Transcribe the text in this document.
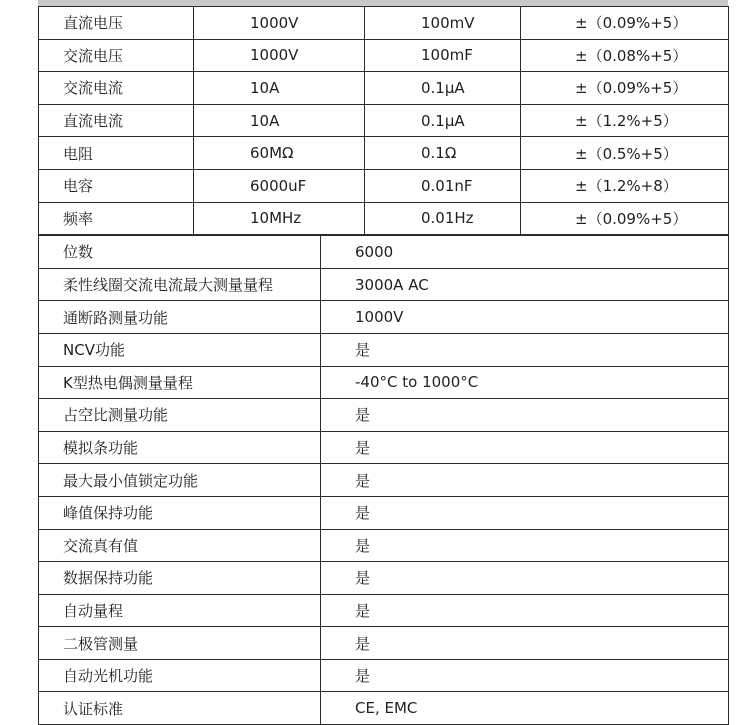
直流电压	1000V	100mV	±（0.09%+5）
交流电压	1000V	100mF	±（0.08%+5）
交流电流	10A	0.1μA	±（0.09%+5）
直流电流	10A	0.1μA	±（1.2%+5）
电阻	60MΩ	0.1Ω	±（0.5%+5）
电容	6000uF	0.01nF	±（1.2%+8）
频率	10MHz	0.01Hz	±（0.09%+5）
位数	6000
柔性线圈交流电流最大测量量程	3000A AC
通断路测量功能	1000V
NCV功能	是
K型热电偶测量量程	-40°C to 1000°C
占空比测量功能	是
模拟条功能	是
最大最小值锁定功能	是
峰值保持功能	是
交流真有值	是
数据保持功能	是
自动量程	是
二极管测量	是
自动光机功能	是
认证标准	CE, EMC
